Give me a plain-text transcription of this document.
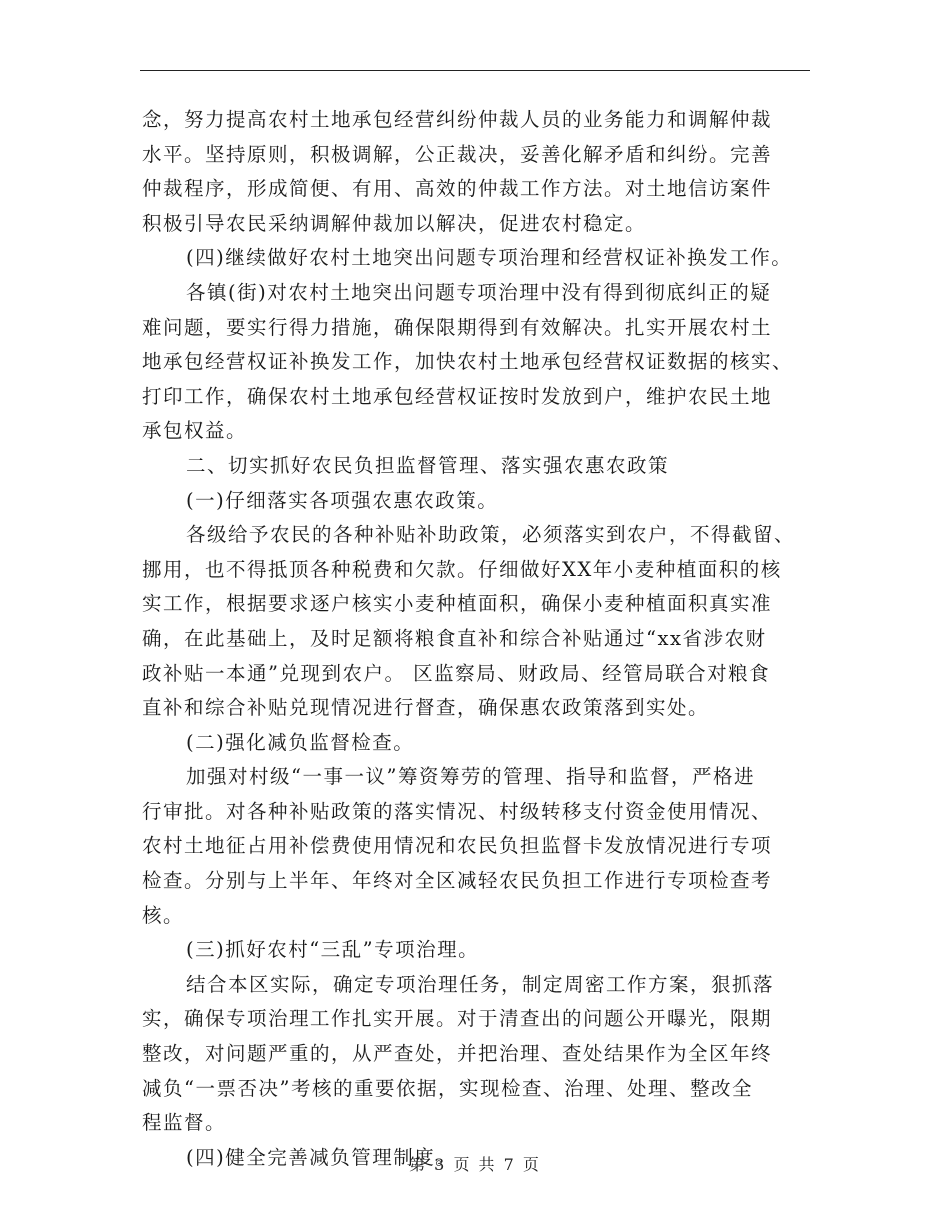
念，努力提高农村土地承包经营纠纷仲裁人员的业务能力和调解仲裁

水平。坚持原则，积极调解，公正裁决，妥善化解矛盾和纠纷。完善

仲裁程序，形成简便、有用、高效的仲裁工作方法。对土地信访案件

积极引导农民采纳调解仲裁加以解决，促进农村稳定。

(四)继续做好农村土地突出问题专项治理和经营权证补换发工作。

各镇(街)对农村土地突出问题专项治理中没有得到彻底纠正的疑

难问题，要实行得力措施，确保限期得到有效解决。扎实开展农村土

地承包经营权证补换发工作，加快农村土地承包经营权证数据的核实、

打印工作，确保农村土地承包经营权证按时发放到户，维护农民土地

承包权益。

二、切实抓好农民负担监督管理、落实强农惠农政策

(一)仔细落实各项强农惠农政策。

各级给予农民的各种补贴补助政策，必须落实到农户，不得截留、

挪用，也不得抵顶各种税费和欠款。仔细做好XX年小麦种植面积的核

实工作，根据要求逐户核实小麦种植面积，确保小麦种植面积真实准

确，在此基础上，及时足额将粮食直补和综合补贴通过“xx省涉农财

政补贴一本通”兑现到农户。 区监察局、财政局、经管局联合对粮食

直补和综合补贴兑现情况进行督查，确保惠农政策落到实处。

(二)强化减负监督检查。

加强对村级“一事一议”筹资筹劳的管理、指导和监督，严格进

行审批。对各种补贴政策的落实情况、村级转移支付资金使用情况、

农村土地征占用补偿费使用情况和农民负担监督卡发放情况进行专项

检查。分别与上半年、年终对全区减轻农民负担工作进行专项检查考

核。

(三)抓好农村“三乱”专项治理。

结合本区实际，确定专项治理任务，制定周密工作方案，狠抓落

实，确保专项治理工作扎实开展。对于清查出的问题公开曝光，限期

整改，对问题严重的，从严查处，并把治理、查处结果作为全区年终

减负“一票否决”考核的重要依据，实现检查、治理、处理、整改全

程监督。

(四)健全完善减负管理制度。

第 3 页 共 7 页
